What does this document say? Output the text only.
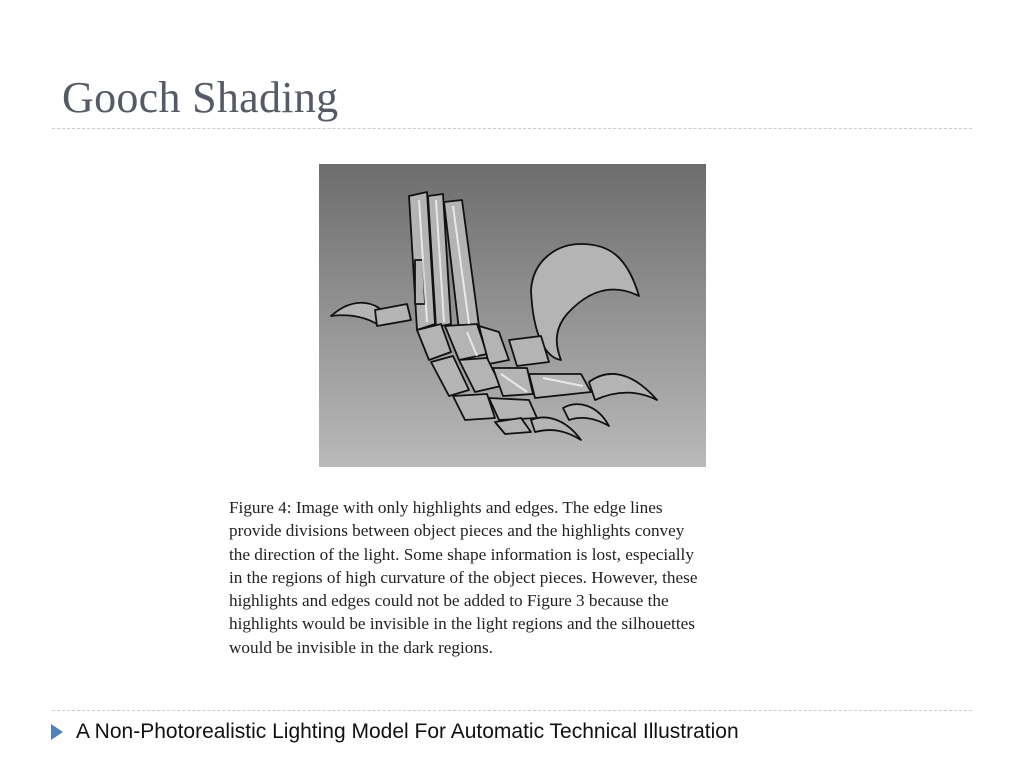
Gooch Shading

Figure 4: Image with only highlights and edges. The edge lines
provide divisions between object pieces and the highlights convey
the direction of the light. Some shape information is lost, especially
in the regions of high curvature of the object pieces. However, these
highlights and edges could not be added to Figure 3 because the
highlights would be invisible in the light regions and the silhouettes
would be invisible in the dark regions.

A Non-Photorealistic Lighting Model For Automatic Technical Illustration
